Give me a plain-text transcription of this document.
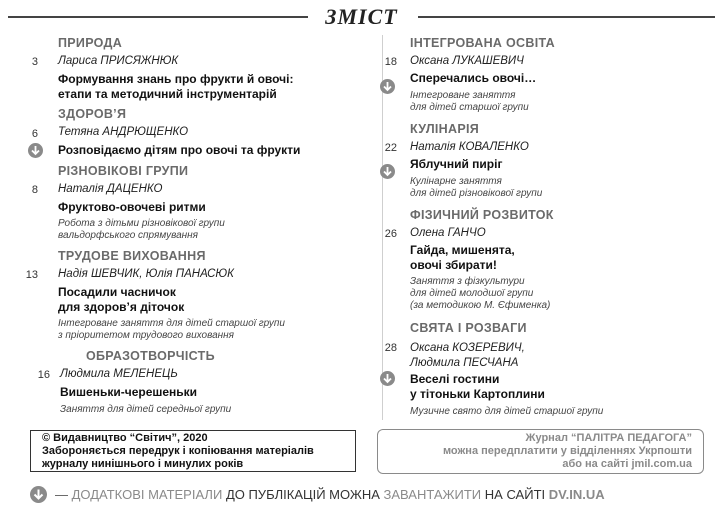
ЗМІСТ
ПРИРОДА
3 Лариса ПРИСЯЖНЮК
Формування знань про фрукти й овочі:
етапи та методичний інструментарій
ЗДОРОВ’Я
6 Тетяна АНДРЮЩЕНКО
Розповідаємо дітям про овочі та фрукти
РІЗНОВІКОВІ ГРУПИ
8 Наталія ДАЦЕНКО
Фруктово-овочеві ритми
Робота з дітьми різновікової групи
вальдорфського спрямування
ТРУДОВЕ ВИХОВАННЯ
13 Надія ШЕВЧИК, Юлія ПАНАСЮК
Посадили часничок
для здоров’я діточок
Інтегроване заняття для дітей старшої групи
з пріоритетом трудового виховання
ОБРАЗОТВОРЧІСТЬ
16 Людмила МЕЛЕНЕЦЬ
Вишеньки-черешеньки
Заняття для дітей середньої групи
ІНТЕГРОВАНА ОСВІТА
18 Оксана ЛУКАШЕВИЧ
Сперечались овочі…
Інтегроване заняття
для дітей старшої групи
КУЛІНАРІЯ
22 Наталія КОВАЛЕНКО
Яблучний пиріг
Кулінарне заняття
для дітей різновікової групи
ФІЗИЧНИЙ РОЗВИТОК
26 Олена ГАНЧО
Гайда, мишенята,
овочі збирати!
Заняття з фізкультури
для дітей молодшої групи
(за методикою М. Єфименка)
СВЯТА І РОЗВАГИ
28 Оксана КОЗЕРЕВИЧ,
Людмила ПЕСЧАНА
Веселі гостини
у тітоньки Картоплини
Музичне свято для дітей старшої групи
© Видавництво “Світич”, 2020
Забороняється передрук і копіювання матеріалів
журналу нинішнього і минулих років
Журнал “ПАЛІТРА ПЕДАГОГА”
можна передплатити у відділеннях Укрпошти
або на сайті jmil.com.ua
— ДОДАТКОВІ МАТЕРІАЛИ ДО ПУБЛІКАЦІЙ МОЖНА ЗАВАНТАЖИТИ НА САЙТІ DV.IN.UA
